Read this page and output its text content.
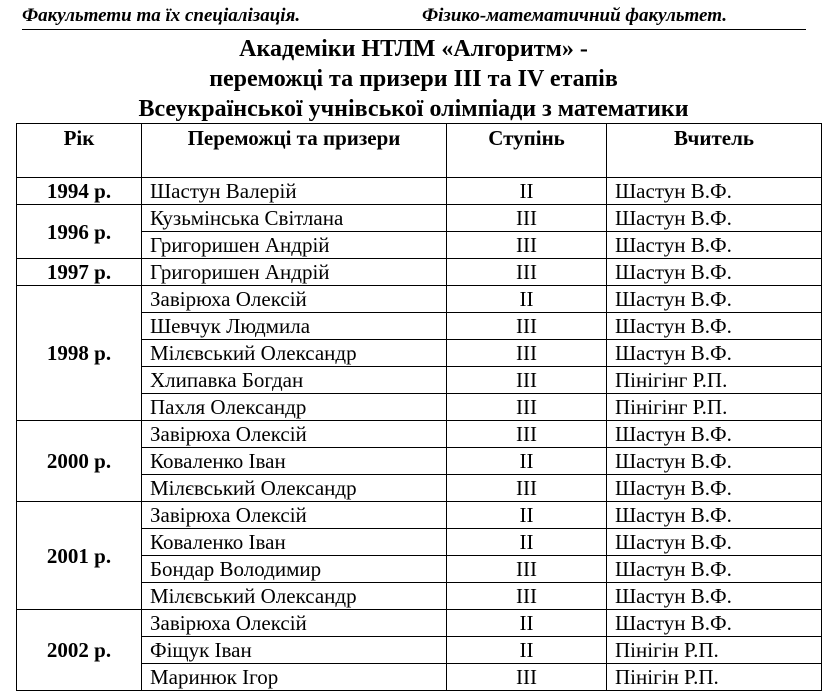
Факультети та їх спеціалізація.	Фізико-математичний факультет.
Академіки НТЛМ «Алгоритм» -
переможці та призери III та IV етапів
Всеукраїнської учнівської олімпіади з математики
Рік	Переможці та призери	Ступінь	Вчитель
1994 р.	Шастун Валерій	II	Шастун В.Ф.
1996 р.	Кузьмінська Світлана	III	Шастун В.Ф.
	Григоришен Андрій	III	Шастун В.Ф.
1997 р.	Григоришен Андрій	III	Шастун В.Ф.
1998 р.	Завірюха Олексій	II	Шастун В.Ф.
	Шевчук Людмила	III	Шастун В.Ф.
	Мілєвський Олександр	III	Шастун В.Ф.
	Хлипавка Богдан	III	Пінігінг Р.П.
	Пахля Олександр	III	Пінігінг Р.П.
2000 р.	Завірюха Олексій	III	Шастун В.Ф.
	Коваленко Іван	II	Шастун В.Ф.
	Мілєвський Олександр	III	Шастун В.Ф.
2001 р.	Завірюха Олексій	II	Шастун В.Ф.
	Коваленко Іван	II	Шастун В.Ф.
	Бондар Володимир	III	Шастун В.Ф.
	Мілєвський Олександр	III	Шастун В.Ф.
2002 р.	Завірюха Олексій	II	Шастун В.Ф.
	Фіщук Іван	II	Пінігін Р.П.
	Маринюк Ігор	III	Пінігін Р.П.
